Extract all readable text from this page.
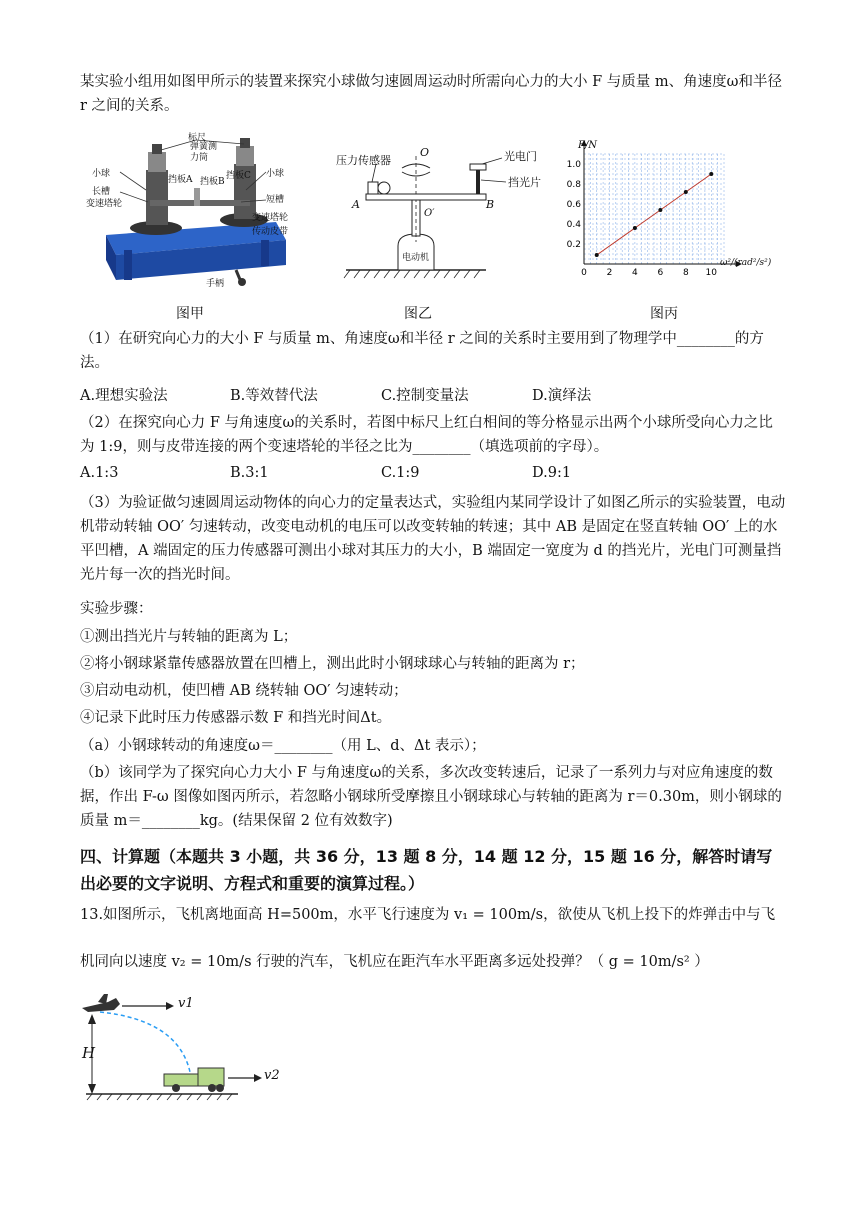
某实验小组用如图甲所示的装置来探究小球做匀速圆周运动时所需向心力的大小 F 与质量 m、角速度ω和半径 r 之间的关系。
标尺
弹簧测力筒
小球
长槽
挡板A 挡板B
挡板C 小球
短槽
变速塔轮
变速塔轮
传动皮带
手柄
压力传感器
O	光电门
挡光片
A	B
O′
电动机
0 2 4 6 8 10
0.2
0.4
0.6
0.8
1.0
F/N
ω²/(rad²/s²)
图甲	图乙	图丙
（1）在研究向心力的大小 F 与质量 m、角速度ω和半径 r 之间的关系时主要用到了物理学中________的方法。
A.理想实验法	B.等效替代法	C.控制变量法	D.演绎法
（2）在探究向心力 F 与角速度ω的关系时，若图中标尺上红白相间的等分格显示出两个小球所受向心力之比为 1:9，则与皮带连接的两个变速塔轮的半径之比为________（填选项前的字母）。
A.1:3	B.3:1	C.1:9	D.9:1
（3）为验证做匀速圆周运动物体的向心力的定量表达式，实验组内某同学设计了如图乙所示的实验装置，电动机带动转轴 OO′ 匀速转动，改变电动机的电压可以改变转轴的转速；其中 AB 是固定在竖直转轴 OO′ 上的水平凹槽，A 端固定的压力传感器可测出小球对其压力的大小，B 端固定一宽度为 d 的挡光片，光电门可测量挡光片每一次的挡光时间。
实验步骤：
①测出挡光片与转轴的距离为 L；
②将小钢球紧靠传感器放置在凹槽上，测出此时小钢球球心与转轴的距离为 r；
③启动电动机，使凹槽 AB 绕转轴 OO′ 匀速转动；
④记录下此时压力传感器示数 F 和挡光时间Δt。
（a）小钢球转动的角速度ω＝________（用 L、d、Δt 表示）；
（b）该同学为了探究向心力大小 F 与角速度ω的关系，多次改变转速后，记录了一系列力与对应角速度的数据，作出 F-ω 图像如图丙所示，若忽略小钢球所受摩擦且小钢球球心与转轴的距离为 r＝0.30m，则小钢球的质量 m＝________kg。(结果保留 2 位有效数字)
四、计算题（本题共 3 小题，共 36 分，13 题 8 分，14 题 12 分，15 题 16 分，解答时请写出必要的文字说明、方程式和重要的演算过程。）
13.如图所示，飞机离地面高 H=500m，水平飞行速度为 v₁ = 100m/s，欲使从飞机上投下的炸弹击中与飞
机同向以速度 v₂ = 10m/s 行驶的汽车，飞机应在距汽车水平距离多远处投弹？（ g = 10m/s² ）
v1
H
v2
